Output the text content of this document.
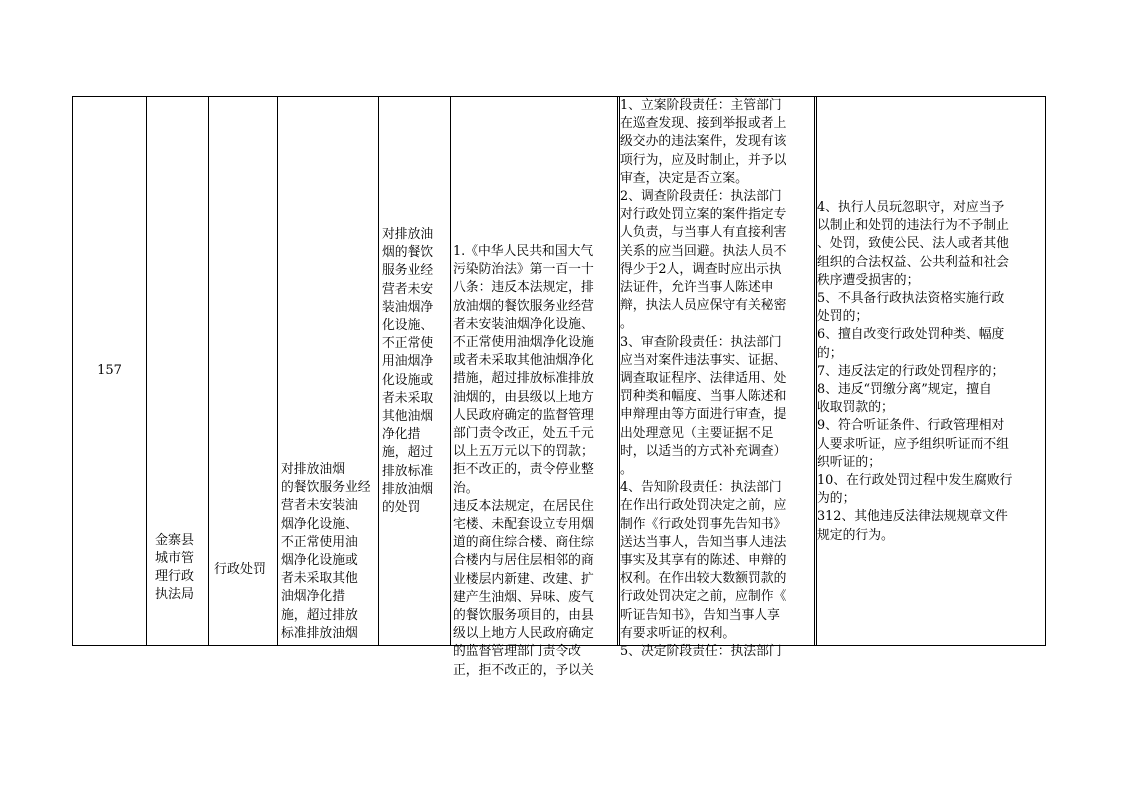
157
金寨县
城市管
理行政
执法局
行政处罚
对排放油烟
的餐饮服务业经
营者未安装油
烟净化设施、
不正常使用油
烟净化设施或
者未采取其他
油烟净化措
施，超过排放
标准排放油烟
对排放油
烟的餐饮
服务业经
营者未安
装油烟净
化设施、
不正常使
用油烟净
化设施或
者未采取
其他油烟
净化措
施，超过
排放标准
排放油烟
的处罚
1.《中华人民共和国大气
污染防治法》第一百一十
八条：违反本法规定，排
放油烟的餐饮服务业经营
者未安装油烟净化设施、
不正常使用油烟净化设施
或者未采取其他油烟净化
措施，超过排放标准排放
油烟的，由县级以上地方
人民政府确定的监督管理
部门责令改正，处五千元
以上五万元以下的罚款；
拒不改正的，责令停业整
治。
违反本法规定，在居民住
宅楼、未配套设立专用烟
道的商住综合楼、商住综
合楼内与居住层相邻的商
业楼层内新建、改建、扩
建产生油烟、异味、废气
的餐饮服务项目的，由县
级以上地方人民政府确定
的监督管理部门责令改
正，拒不改正的，予以关
1、立案阶段责任：主管部门
在巡查发现、接到举报或者上
级交办的违法案件，发现有该
项行为，应及时制止，并予以
审查，决定是否立案。
2、调查阶段责任：执法部门
对行政处罚立案的案件指定专
人负责，与当事人有直接利害
关系的应当回避。执法人员不
得少于2人，调查时应出示执
法证件，允许当事人陈述申
辩，执法人员应保守有关秘密
。
3、审查阶段责任：执法部门
应当对案件违法事实、证据、
调查取证程序、法律适用、处
罚种类和幅度、当事人陈述和
申辩理由等方面进行审查，提
出处理意见（主要证据不足
时，以适当的方式补充调查）
。
4、告知阶段责任：执法部门
在作出行政处罚决定之前，应
制作《行政处罚事先告知书》
送达当事人，告知当事人违法
事实及其享有的陈述、申辩的
权利。在作出较大数额罚款的
行政处罚决定之前，应制作《
听证告知书》，告知当事人享
有要求听证的权利。
5、决定阶段责任：执法部门
4、执行人员玩忽职守，对应当予
以制止和处罚的违法行为不予制止
、处罚，致使公民、法人或者其他
组织的合法权益、公共利益和社会
秩序遭受损害的；
5、不具备行政执法资格实施行政
处罚的；
6、擅自改变行政处罚种类、幅度
的；
7、违反法定的行政处罚程序的；
8、违反“罚缴分离”规定，擅自
收取罚款的；
9、符合听证条件、行政管理相对
人要求听证，应予组织听证而不组
织听证的；
10、在行政处罚过程中发生腐败行
为的；
312、其他违反法律法规规章文件
规定的行为。
